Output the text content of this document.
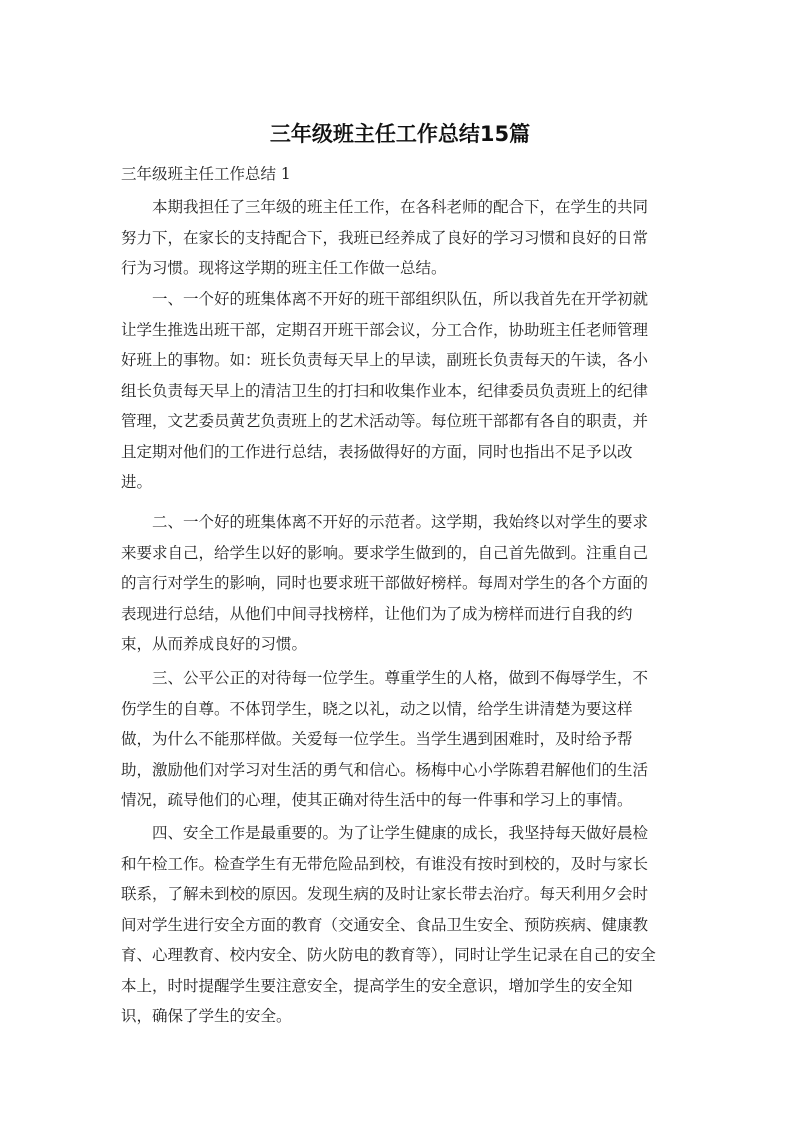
三年级班主任工作总结15篇

三年级班主任工作总结 1

本期我担任了三年级的班主任工作，在各科老师的配合下，在学生的共同
努力下，在家长的支持配合下，我班已经养成了良好的学习习惯和良好的日常
行为习惯。现将这学期的班主任工作做一总结。
一、一个好的班集体离不开好的班干部组织队伍，所以我首先在开学初就
让学生推选出班干部，定期召开班干部会议，分工合作，协助班主任老师管理
好班上的事物。如：班长负责每天早上的早读，副班长负责每天的午读，各小
组长负责每天早上的清洁卫生的打扫和收集作业本，纪律委员负责班上的纪律
管理，文艺委员黄艺负责班上的艺术活动等。每位班干部都有各自的职责，并
且定期对他们的工作进行总结，表扬做得好的方面，同时也指出不足予以改
进。
二、一个好的班集体离不开好的示范者。这学期，我始终以对学生的要求
来要求自己，给学生以好的影响。要求学生做到的，自己首先做到。注重自己
的言行对学生的影响，同时也要求班干部做好榜样。每周对学生的各个方面的
表现进行总结，从他们中间寻找榜样，让他们为了成为榜样而进行自我的约
束，从而养成良好的习惯。
三、公平公正的对待每一位学生。尊重学生的人格，做到不侮辱学生，不
伤学生的自尊。不体罚学生，晓之以礼，动之以情，给学生讲清楚为要这样
做，为什么不能那样做。关爱每一位学生。当学生遇到困难时，及时给予帮
助，激励他们对学习对生活的勇气和信心。杨梅中心小学陈碧君解他们的生活
情况，疏导他们的心理，使其正确对待生活中的每一件事和学习上的事情。
四、安全工作是最重要的。为了让学生健康的成长，我坚持每天做好晨检
和午检工作。检查学生有无带危险品到校，有谁没有按时到校的，及时与家长
联系，了解未到校的原因。发现生病的及时让家长带去治疗。每天利用夕会时
间对学生进行安全方面的教育（交通安全、食品卫生安全、预防疾病、健康教
育、心理教育、校内安全、防火防电的教育等），同时让学生记录在自己的安全
本上，时时提醒学生要注意安全，提高学生的安全意识，增加学生的安全知
识，确保了学生的安全。
